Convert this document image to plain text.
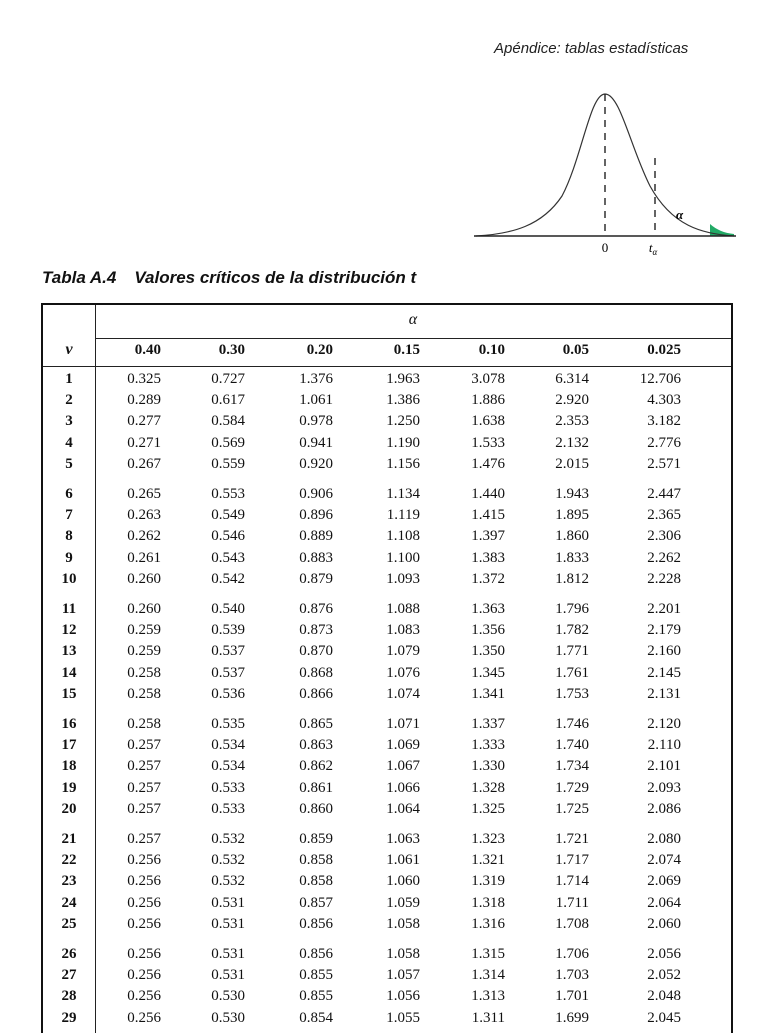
Apéndice: tablas estadísticas
0	$t_\alpha$
α
Tabla A.4 Valores críticos de la distribución t
α
v	0.40	0.30	0.20	0.15	0.10	0.05	0.025
1	0.325	0.727	1.376	1.963	3.078	6.314	12.706
2	0.289	0.617	1.061	1.386	1.886	2.920	4.303
3	0.277	0.584	0.978	1.250	1.638	2.353	3.182
4	0.271	0.569	0.941	1.190	1.533	2.132	2.776
5	0.267	0.559	0.920	1.156	1.476	2.015	2.571
6	0.265	0.553	0.906	1.134	1.440	1.943	2.447
7	0.263	0.549	0.896	1.119	1.415	1.895	2.365
8	0.262	0.546	0.889	1.108	1.397	1.860	2.306
9	0.261	0.543	0.883	1.100	1.383	1.833	2.262
10	0.260	0.542	0.879	1.093	1.372	1.812	2.228
11	0.260	0.540	0.876	1.088	1.363	1.796	2.201
12	0.259	0.539	0.873	1.083	1.356	1.782	2.179
13	0.259	0.537	0.870	1.079	1.350	1.771	2.160
14	0.258	0.537	0.868	1.076	1.345	1.761	2.145
15	0.258	0.536	0.866	1.074	1.341	1.753	2.131
16	0.258	0.535	0.865	1.071	1.337	1.746	2.120
17	0.257	0.534	0.863	1.069	1.333	1.740	2.110
18	0.257	0.534	0.862	1.067	1.330	1.734	2.101
19	0.257	0.533	0.861	1.066	1.328	1.729	2.093
20	0.257	0.533	0.860	1.064	1.325	1.725	2.086
21	0.257	0.532	0.859	1.063	1.323	1.721	2.080
22	0.256	0.532	0.858	1.061	1.321	1.717	2.074
23	0.256	0.532	0.858	1.060	1.319	1.714	2.069
24	0.256	0.531	0.857	1.059	1.318	1.711	2.064
25	0.256	0.531	0.856	1.058	1.316	1.708	2.060
26	0.256	0.531	0.856	1.058	1.315	1.706	2.056
27	0.256	0.531	0.855	1.057	1.314	1.703	2.052
28	0.256	0.530	0.855	1.056	1.313	1.701	2.048
29	0.256	0.530	0.854	1.055	1.311	1.699	2.045
